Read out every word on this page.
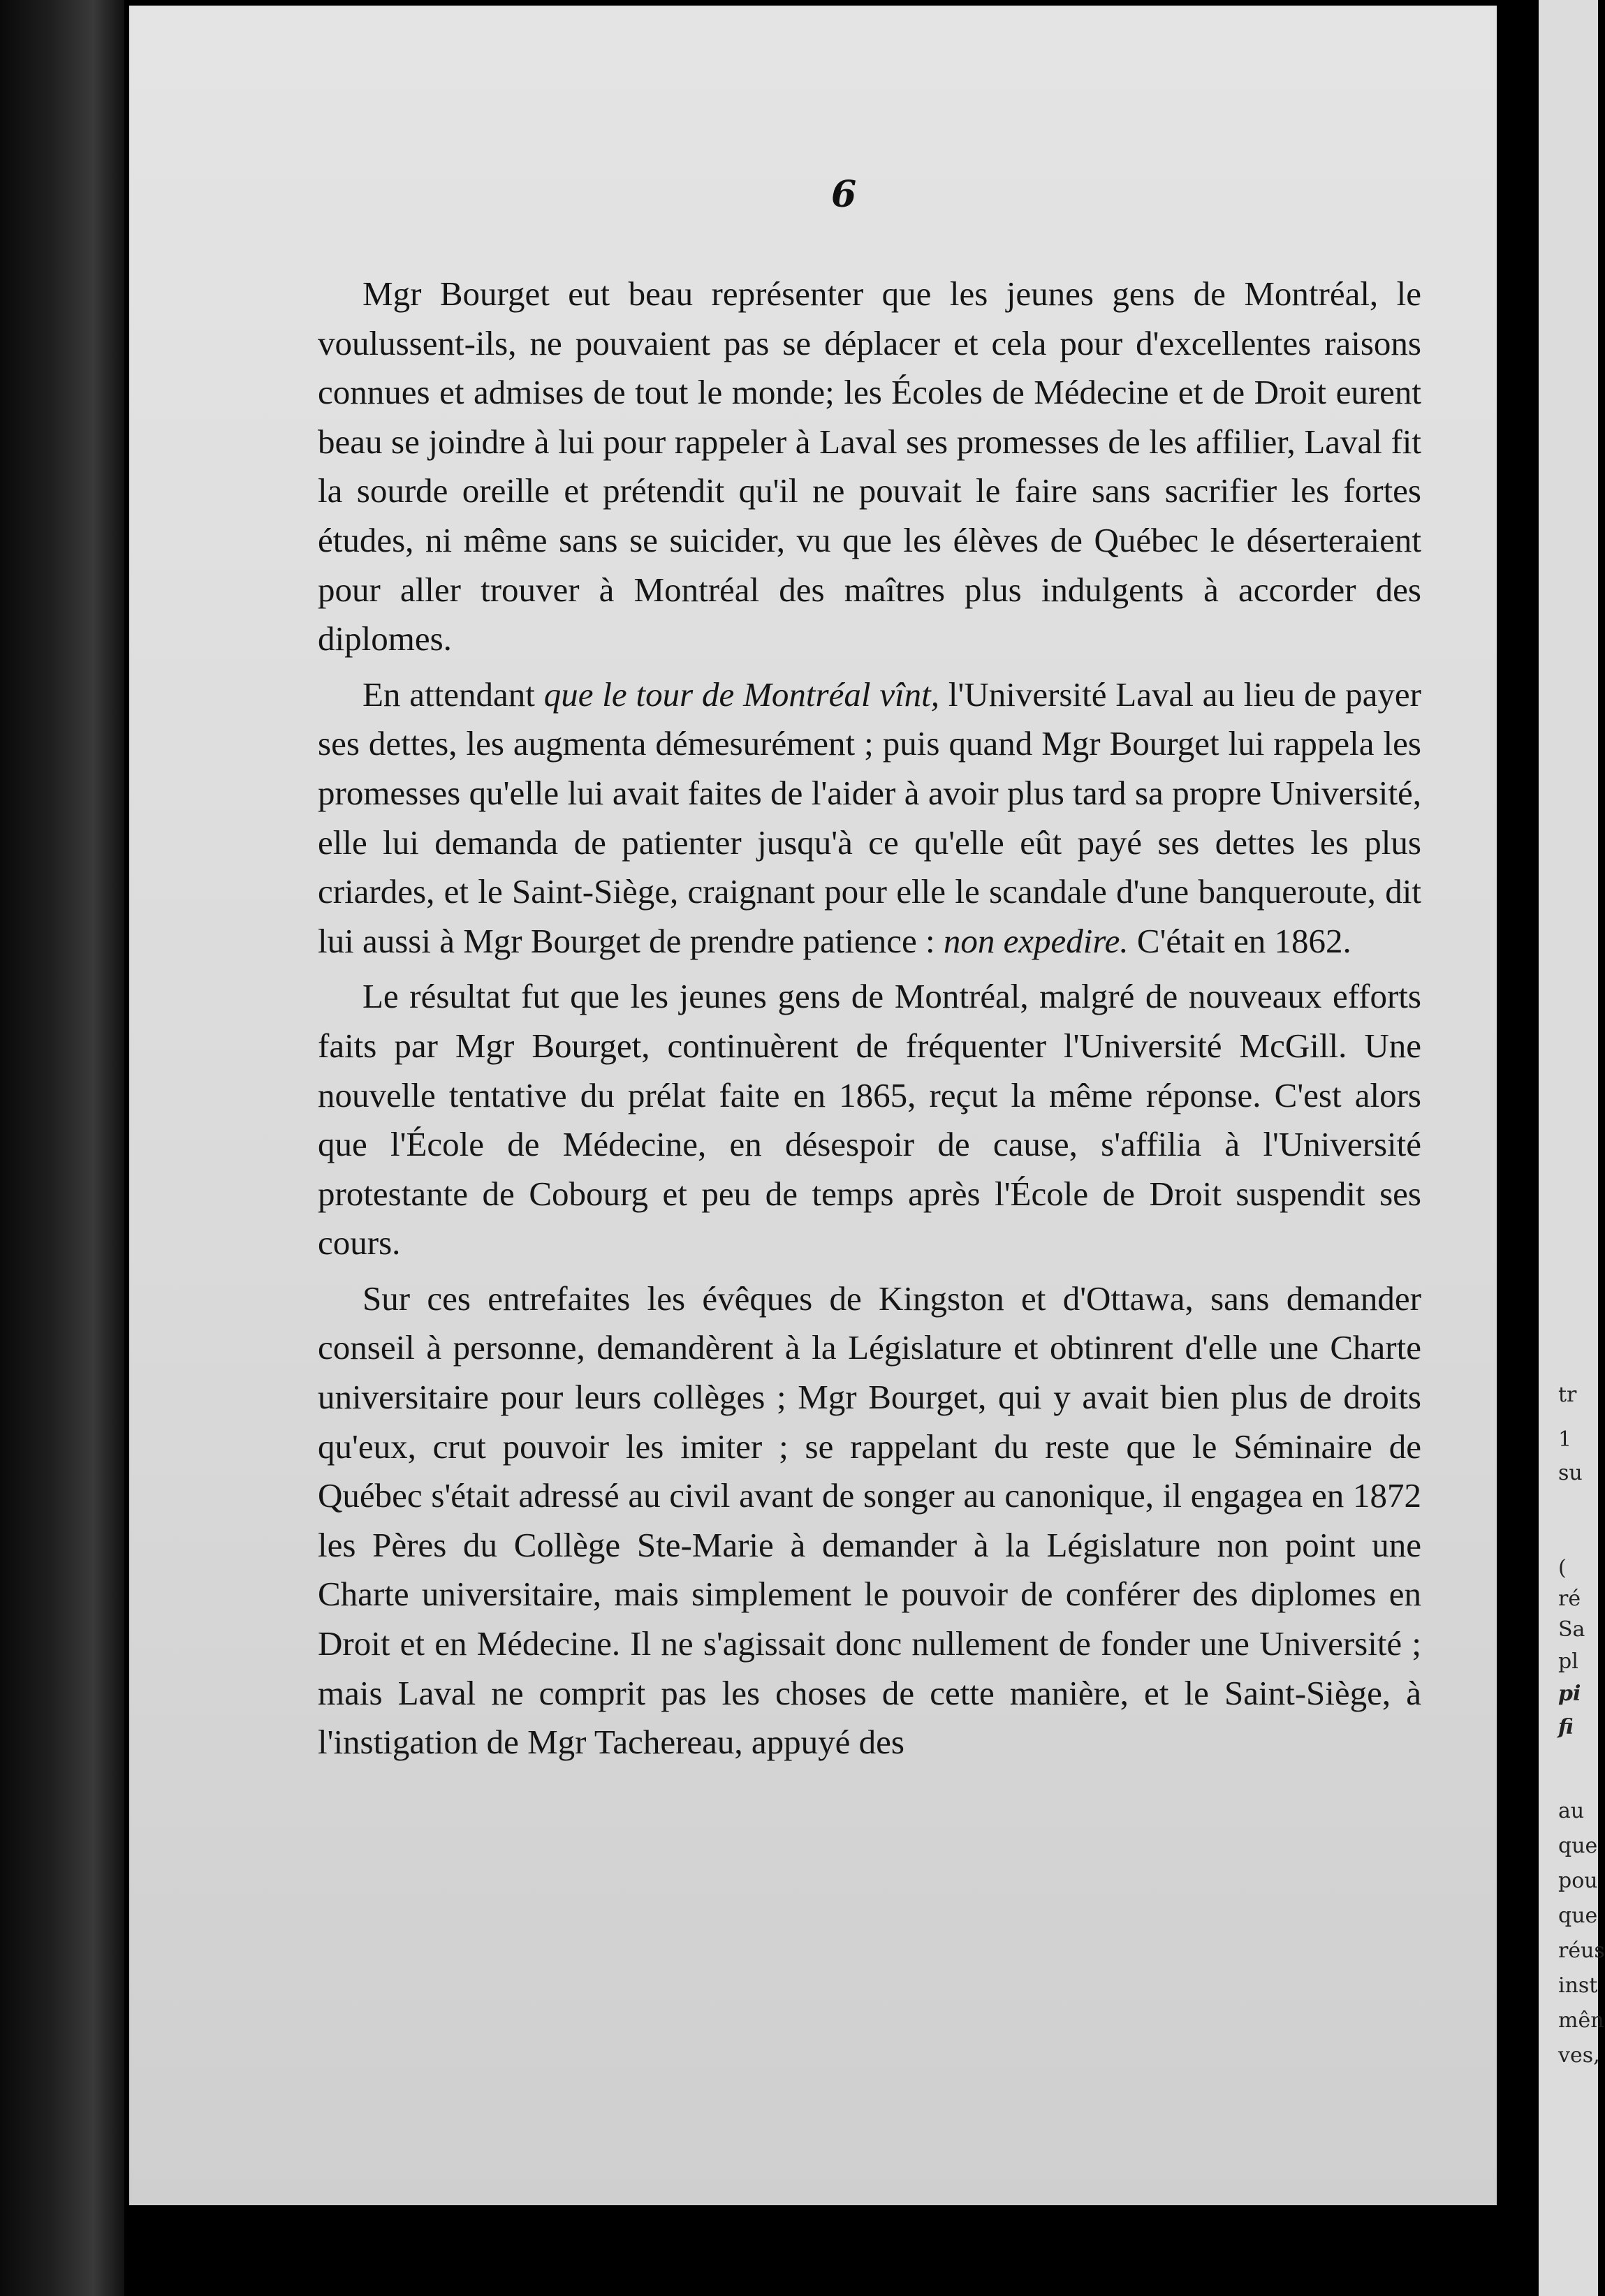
tr
1
su
(
ré
Sa
pl
pi
fi
au
que
pou
que
réus
inst
mên
ves,
6

Mgr Bourget eut beau représenter que les jeunes gens de Montréal, le voulussent-ils, ne pouvaient pas se déplacer et cela pour d'excellentes raisons connues et admises de tout le monde; les Écoles de Médecine et de Droit eurent beau se joindre à lui pour rappeler à Laval ses promesses de les affilier, Laval fit la sourde oreille et prétendit qu'il ne pouvait le faire sans sacrifier les fortes études, ni même sans se suicider, vu que les élèves de Québec le déserteraient pour aller trouver à Montréal des maîtres plus indulgents à accorder des diplomes.

En attendant que le tour de Montréal vînt, l'Université Laval au lieu de payer ses dettes, les augmenta démesurément ; puis quand Mgr Bourget lui rappela les promesses qu'elle lui avait faites de l'aider à avoir plus tard sa propre Université, elle lui demanda de patienter jusqu'à ce qu'elle eût payé ses dettes les plus criardes, et le Saint-Siège, craignant pour elle le scandale d'une banqueroute, dit lui aussi à Mgr Bourget de prendre patience : non expedire. C'était en 1862.

Le résultat fut que les jeunes gens de Montréal, malgré de nouveaux efforts faits par Mgr Bourget, continuèrent de fréquenter l'Université McGill. Une nouvelle tentative du prélat faite en 1865, reçut la même réponse. C'est alors que l'École de Médecine, en désespoir de cause, s'affilia à l'Université protestante de Cobourg et peu de temps après l'École de Droit suspendit ses cours.

Sur ces entrefaites les évêques de Kingston et d'Ottawa, sans demander conseil à personne, demandèrent à la Législature et obtinrent d'elle une Charte universitaire pour leurs collèges ; Mgr Bourget, qui y avait bien plus de droits qu'eux, crut pouvoir les imiter ; se rappelant du reste que le Séminaire de Québec s'était adressé au civil avant de songer au canonique, il engagea en 1872 les Pères du Collège Ste-Marie à demander à la Législature non point une Charte universitaire, mais simplement le pouvoir de conférer des diplomes en Droit et en Médecine. Il ne s'agissait donc nullement de fonder une Université ; mais Laval ne comprit pas les choses de cette manière, et le Saint-Siège, à l'instigation de Mgr Tachereau, appuyé des
